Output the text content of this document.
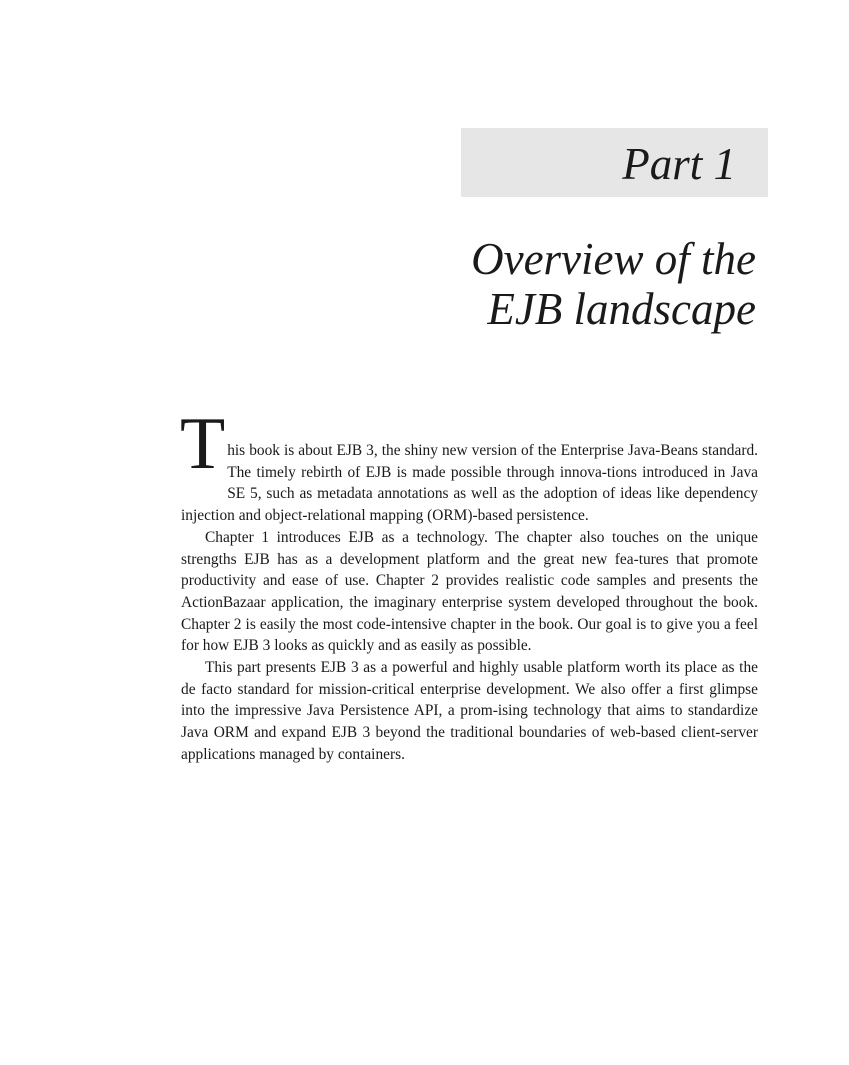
Part 1
Overview of the
EJB landscape

This book is about EJB 3, the shiny new version of the Enterprise Java-Beans standard. The timely rebirth of EJB is made possible through innova-tions introduced in Java SE 5, such as metadata annotations as well as the adoption of ideas like dependency injection and object-relational mapping (ORM)-based persistence.

Chapter 1 introduces EJB as a technology. The chapter also touches on the unique strengths EJB has as a development platform and the great new fea-tures that promote productivity and ease of use. Chapter 2 provides realistic code samples and presents the ActionBazaar application, the imaginary enterprise system developed throughout the book. Chapter 2 is easily the most code-intensive chapter in the book. Our goal is to give you a feel for how EJB 3 looks as quickly and as easily as possible.

This part presents EJB 3 as a powerful and highly usable platform worth its place as the de facto standard for mission-critical enterprise development. We also offer a first glimpse into the impressive Java Persistence API, a prom-ising technology that aims to standardize Java ORM and expand EJB 3 beyond the traditional boundaries of web-based client-server applications managed by containers.
